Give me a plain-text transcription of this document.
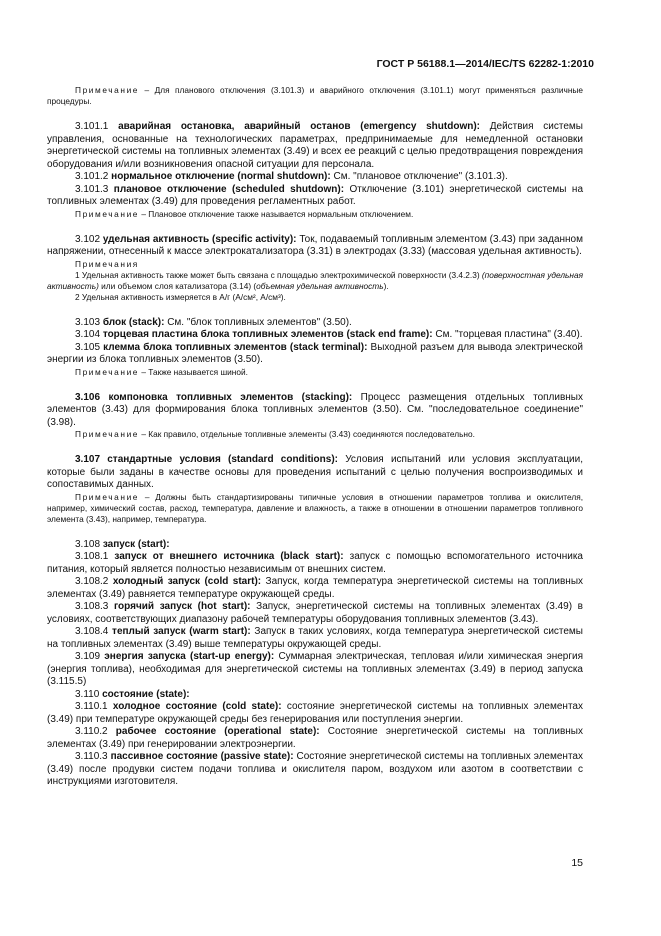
ГОСТ Р 56188.1—2014/IEC/TS 62282-1:2010

Примечание – Для планового отключения (3.101.3) и аварийного отключения (3.101.1) могут применяться различные процедуры.

3.101.1 аварийная остановка, аварийный останов (emergency shutdown): Действия системы управления, основанные на технологических параметрах, предпринимаемые для немедленной остановки энергетической системы на топливных элементах (3.49) и всех ее реакций с целью предотвращения повреждения оборудования и/или возникновения опасной ситуации для персонала.

3.101.2 нормальное отключение (normal shutdown): См. "плановое отключение" (3.101.3).

3.101.3 плановое отключение (scheduled shutdown): Отключение (3.101) энергетической системы на топливных элементах (3.49) для проведения регламентных работ.

Примечание – Плановое отключение также называется нормальным отключением.

3.102 удельная активность (specific activity): Ток, подаваемый топливным элементом (3.43) при заданном напряжении, отнесенный к массе электрокатализатора (3.31) в электродах (3.33) (массовая удельная активность).

Примечания

1 Удельная активность также может быть связана с площадью электрохимической поверхности (3.4.2.3) (поверхностная удельная активность) или объемом слоя катализатора (3.14) (объемная удельная активность).

2 Удельная активность измеряется в А/г (А/см², А/см³).

3.103 блок (stack): См. "блок топливных элементов" (3.50).

3.104 торцевая пластина блока топливных элементов (stack end frame): См. "торцевая пластина" (3.40).

3.105 клемма блока топливных элементов (stack terminal): Выходной разъем для вывода электрической энергии из блока топливных элементов (3.50).

Примечание – Также называется шиной.

3.106 компоновка топливных элементов (stacking): Процесс размещения отдельных топливных элементов (3.43) для формирования блока топливных элементов (3.50). См. "последовательное соединение" (3.98).

Примечание – Как правило, отдельные топливные элементы (3.43) соединяются последовательно.

3.107 стандартные условия (standard conditions): Условия испытаний или условия эксплуатации, которые были заданы в качестве основы для проведения испытаний с целью получения воспроизводимых и сопоставимых данных.

Примечание – Должны быть стандартизированы типичные условия в отношении параметров топлива и окислителя, например, химический состав, расход, температура, давление и влажность, а также в отношении в отношении параметров топливного элемента (3.43), например, температура.

3.108 запуск (start):

3.108.1 запуск от внешнего источника (black start): запуск с помощью вспомогательного источника питания, который является полностью независимым от внешних систем.

3.108.2 холодный запуск (cold start): Запуск, когда температура энергетической системы на топливных элементах (3.49) равняется температуре окружающей среды.

3.108.3 горячий запуск (hot start): Запуск, энергетической системы на топливных элементах (3.49) в условиях, соответствующих диапазону рабочей температуры оборудования топливных элементов (3.43).

3.108.4 теплый запуск (warm start): Запуск в таких условиях, когда температура энергетической системы на топливных элементах (3.49) выше температуры окружающей среды.

3.109 энергия запуска (start-up energy): Суммарная электрическая, тепловая и/или химическая энергия (энергия топлива), необходимая для энергетической системы на топливных элементах (3.49) в период запуска (3.115.5)

3.110 состояние (state):

3.110.1 холодное состояние (cold state): состояние энергетической системы на топливных элементах (3.49) при температуре окружающей среды без генерирования или поступления энергии.

3.110.2 рабочее состояние (operational state): Состояние энергетической системы на топливных элементах (3.49) при генерировании электроэнергии.

3.110.3 пассивное состояние (passive state): Состояние энергетической системы на топливных элементах (3.49) после продувки систем подачи топлива и окислителя паром, воздухом или азотом в соответствии с инструкциями изготовителя.

15
